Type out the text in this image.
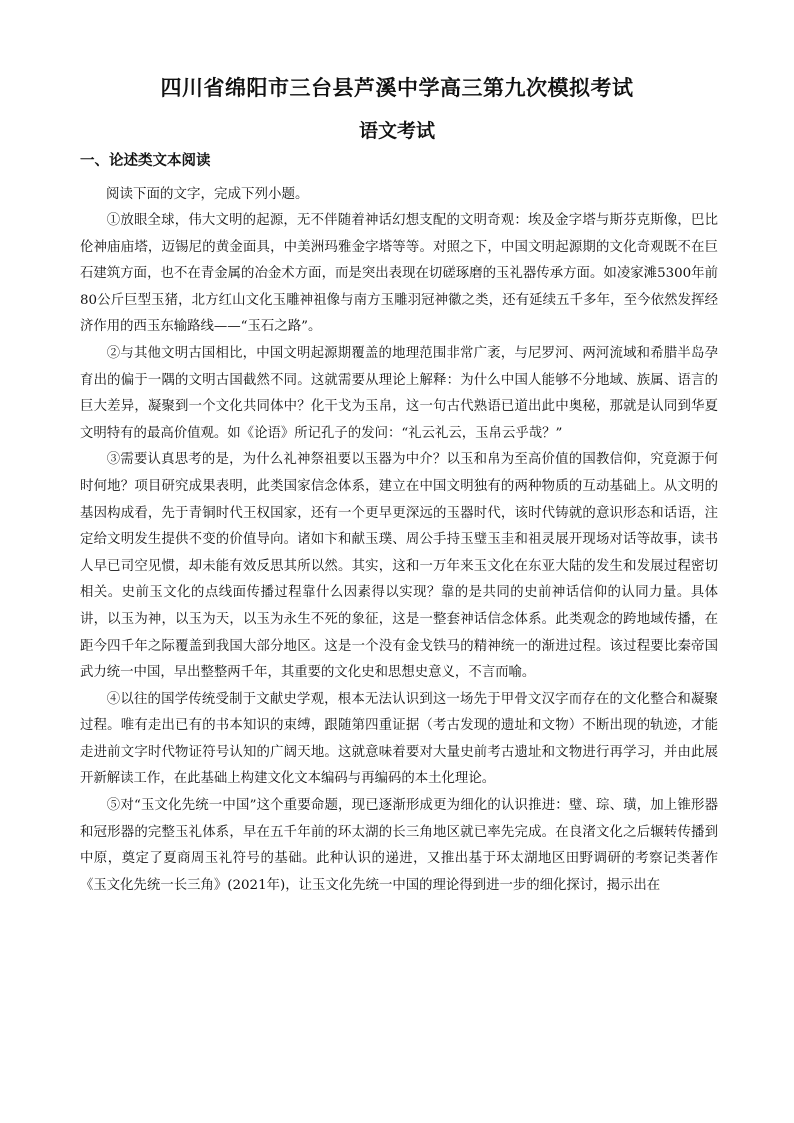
四川省绵阳市三台县芦溪中学高三第九次模拟考试
语文考试
一、论述类文本阅读
阅读下面的文字，完成下列小题。

①放眼全球，伟大文明的起源，无不伴随着神话幻想支配的文明奇观：埃及金字塔与斯芬克斯像，巴比伦神庙庙塔，迈锡尼的黄金面具，中美洲玛雅金字塔等等。对照之下，中国文明起源期的文化奇观既不在巨石建筑方面，也不在青金属的冶金术方面，而是突出表现在切磋琢磨的玉礼器传承方面。如凌家滩5300年前80公斤巨型玉猪，北方红山文化玉雕神祖像与南方玉雕羽冠神徽之类，还有延续五千多年，至今依然发挥经济作用的西玉东输路线——“玉石之路”。

②与其他文明古国相比，中国文明起源期覆盖的地理范围非常广袤，与尼罗河、两河流域和希腊半岛孕育出的偏于一隅的文明古国截然不同。这就需要从理论上解释：为什么中国人能够不分地域、族属、语言的巨大差异，凝聚到一个文化共同体中？化干戈为玉帛，这一句古代熟语已道出此中奥秘，那就是认同到华夏文明特有的最高价值观。如《论语》所记孔子的发问：“礼云礼云，玉帛云乎哉？”

③需要认真思考的是，为什么礼神祭祖要以玉器为中介？以玉和帛为至高价值的国教信仰，究竟源于何时何地？项目研究成果表明，此类国家信念体系，建立在中国文明独有的两种物质的互动基础上。从文明的基因构成看，先于青铜时代王权国家，还有一个更早更深远的玉器时代，该时代铸就的意识形态和话语，注定给文明发生提供不变的价值导向。诸如卞和献玉璞、周公手持玉璧玉圭和祖灵展开现场对话等故事，读书人早已司空见惯，却未能有效反思其所以然。其实，这和一万年来玉文化在东亚大陆的发生和发展过程密切相关。史前玉文化的点线面传播过程靠什么因素得以实现？靠的是共同的史前神话信仰的认同力量。具体讲，以玉为神，以玉为天，以玉为永生不死的象征，这是一整套神话信念体系。此类观念的跨地域传播，在距今四千年之际覆盖到我国大部分地区。这是一个没有金戈铁马的精神统一的渐进过程。该过程要比秦帝国武力统一中国，早出整整两千年，其重要的文化史和思想史意义，不言而喻。

④以往的国学传统受制于文献史学观，根本无法认识到这一场先于甲骨文汉字而存在的文化整合和凝聚过程。唯有走出已有的书本知识的束缚，跟随第四重证据（考古发现的遗址和文物）不断出现的轨迹，才能走进前文字时代物证符号认知的广阔天地。这就意味着要对大量史前考古遗址和文物进行再学习，并由此展开新解读工作，在此基础上构建文化文本编码与再编码的本土化理论。

⑤对“玉文化先统一中国”这个重要命题，现已逐渐形成更为细化的认识推进：璧、琮、璜，加上锥形器和冠形器的完整玉礼体系，早在五千年前的环太湖的长三角地区就已率先完成。在良渚文化之后辗转传播到中原，奠定了夏商周玉礼符号的基础。此种认识的递进，又推出基于环太湖地区田野调研的考察记类著作《玉文化先统一长三角》(2021年)，让玉文化先统一中国的理论得到进一步的细化探讨，揭示出在
